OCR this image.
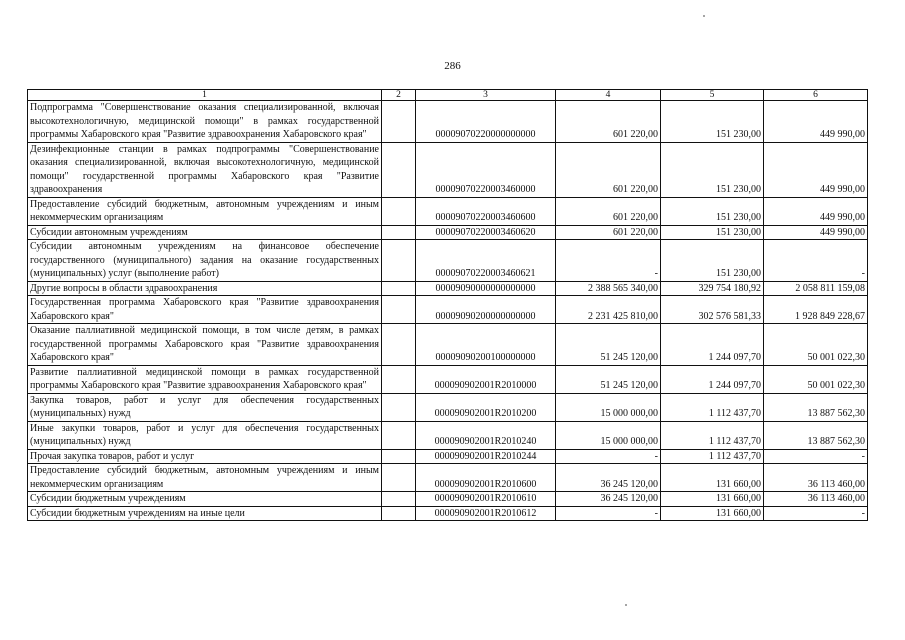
286
1	2	3	4	5	6
Подпрограмма "Совершенствование оказания специализированной, включая высокотехнологичную, медицинской помощи" в рамках государственной программы Хабаровского края "Развитие здравоохранения Хабаровского края"		00009070220000000000	601 220,00	151 230,00	449 990,00
Дезинфекционные станции в рамках подпрограммы "Совершенствование оказания специализированной, включая высокотехнологичную, медицинской помощи" государственной программы Хабаровского края "Развитие здравоохранения		00009070220003460000	601 220,00	151 230,00	449 990,00
Предоставление субсидий бюджетным, автономным учреждениям и иным некоммерческим организациям		00009070220003460600	601 220,00	151 230,00	449 990,00
Субсидии автономным учреждениям		00009070220003460620	601 220,00	151 230,00	449 990,00
Субсидии автономным учреждениям на финансовое обеспечение государственного (муниципального) задания на оказание государственных (муниципальных) услуг (выполнение работ)		00009070220003460621	-	151 230,00	-
Другие вопросы в области здравоохранения		00009090000000000000	2 388 565 340,00	329 754 180,92	2 058 811 159,08
Государственная программа Хабаровского края "Развитие здравоохранения Хабаровского края"		00009090200000000000	2 231 425 810,00	302 576 581,33	1 928 849 228,67
Оказание паллиативной медицинской помощи, в том числе детям, в рамках государственной программы Хабаровского края "Развитие здравоохранения Хабаровского края"		00009090200100000000	51 245 120,00	1 244 097,70	50 001 022,30
Развитие паллиативной медицинской помощи в рамках государственной программы Хабаровского края "Развитие здравоохранения Хабаровского края"		000090902001R2010000	51 245 120,00	1 244 097,70	50 001 022,30
Закупка товаров, работ и услуг для обеспечения государственных (муниципальных) нужд		000090902001R2010200	15 000 000,00	1 112 437,70	13 887 562,30
Иные закупки товаров, работ и услуг для обеспечения государственных (муниципальных) нужд		000090902001R2010240	15 000 000,00	1 112 437,70	13 887 562,30
Прочая закупка товаров, работ и услуг		000090902001R2010244	-	1 112 437,70	-
Предоставление субсидий бюджетным, автономным учреждениям и иным некоммерческим организациям		000090902001R2010600	36 245 120,00	131 660,00	36 113 460,00
Субсидии бюджетным учреждениям		000090902001R2010610	36 245 120,00	131 660,00	36 113 460,00
Субсидии бюджетным учреждениям на иные цели		000090902001R2010612	-	131 660,00	-
